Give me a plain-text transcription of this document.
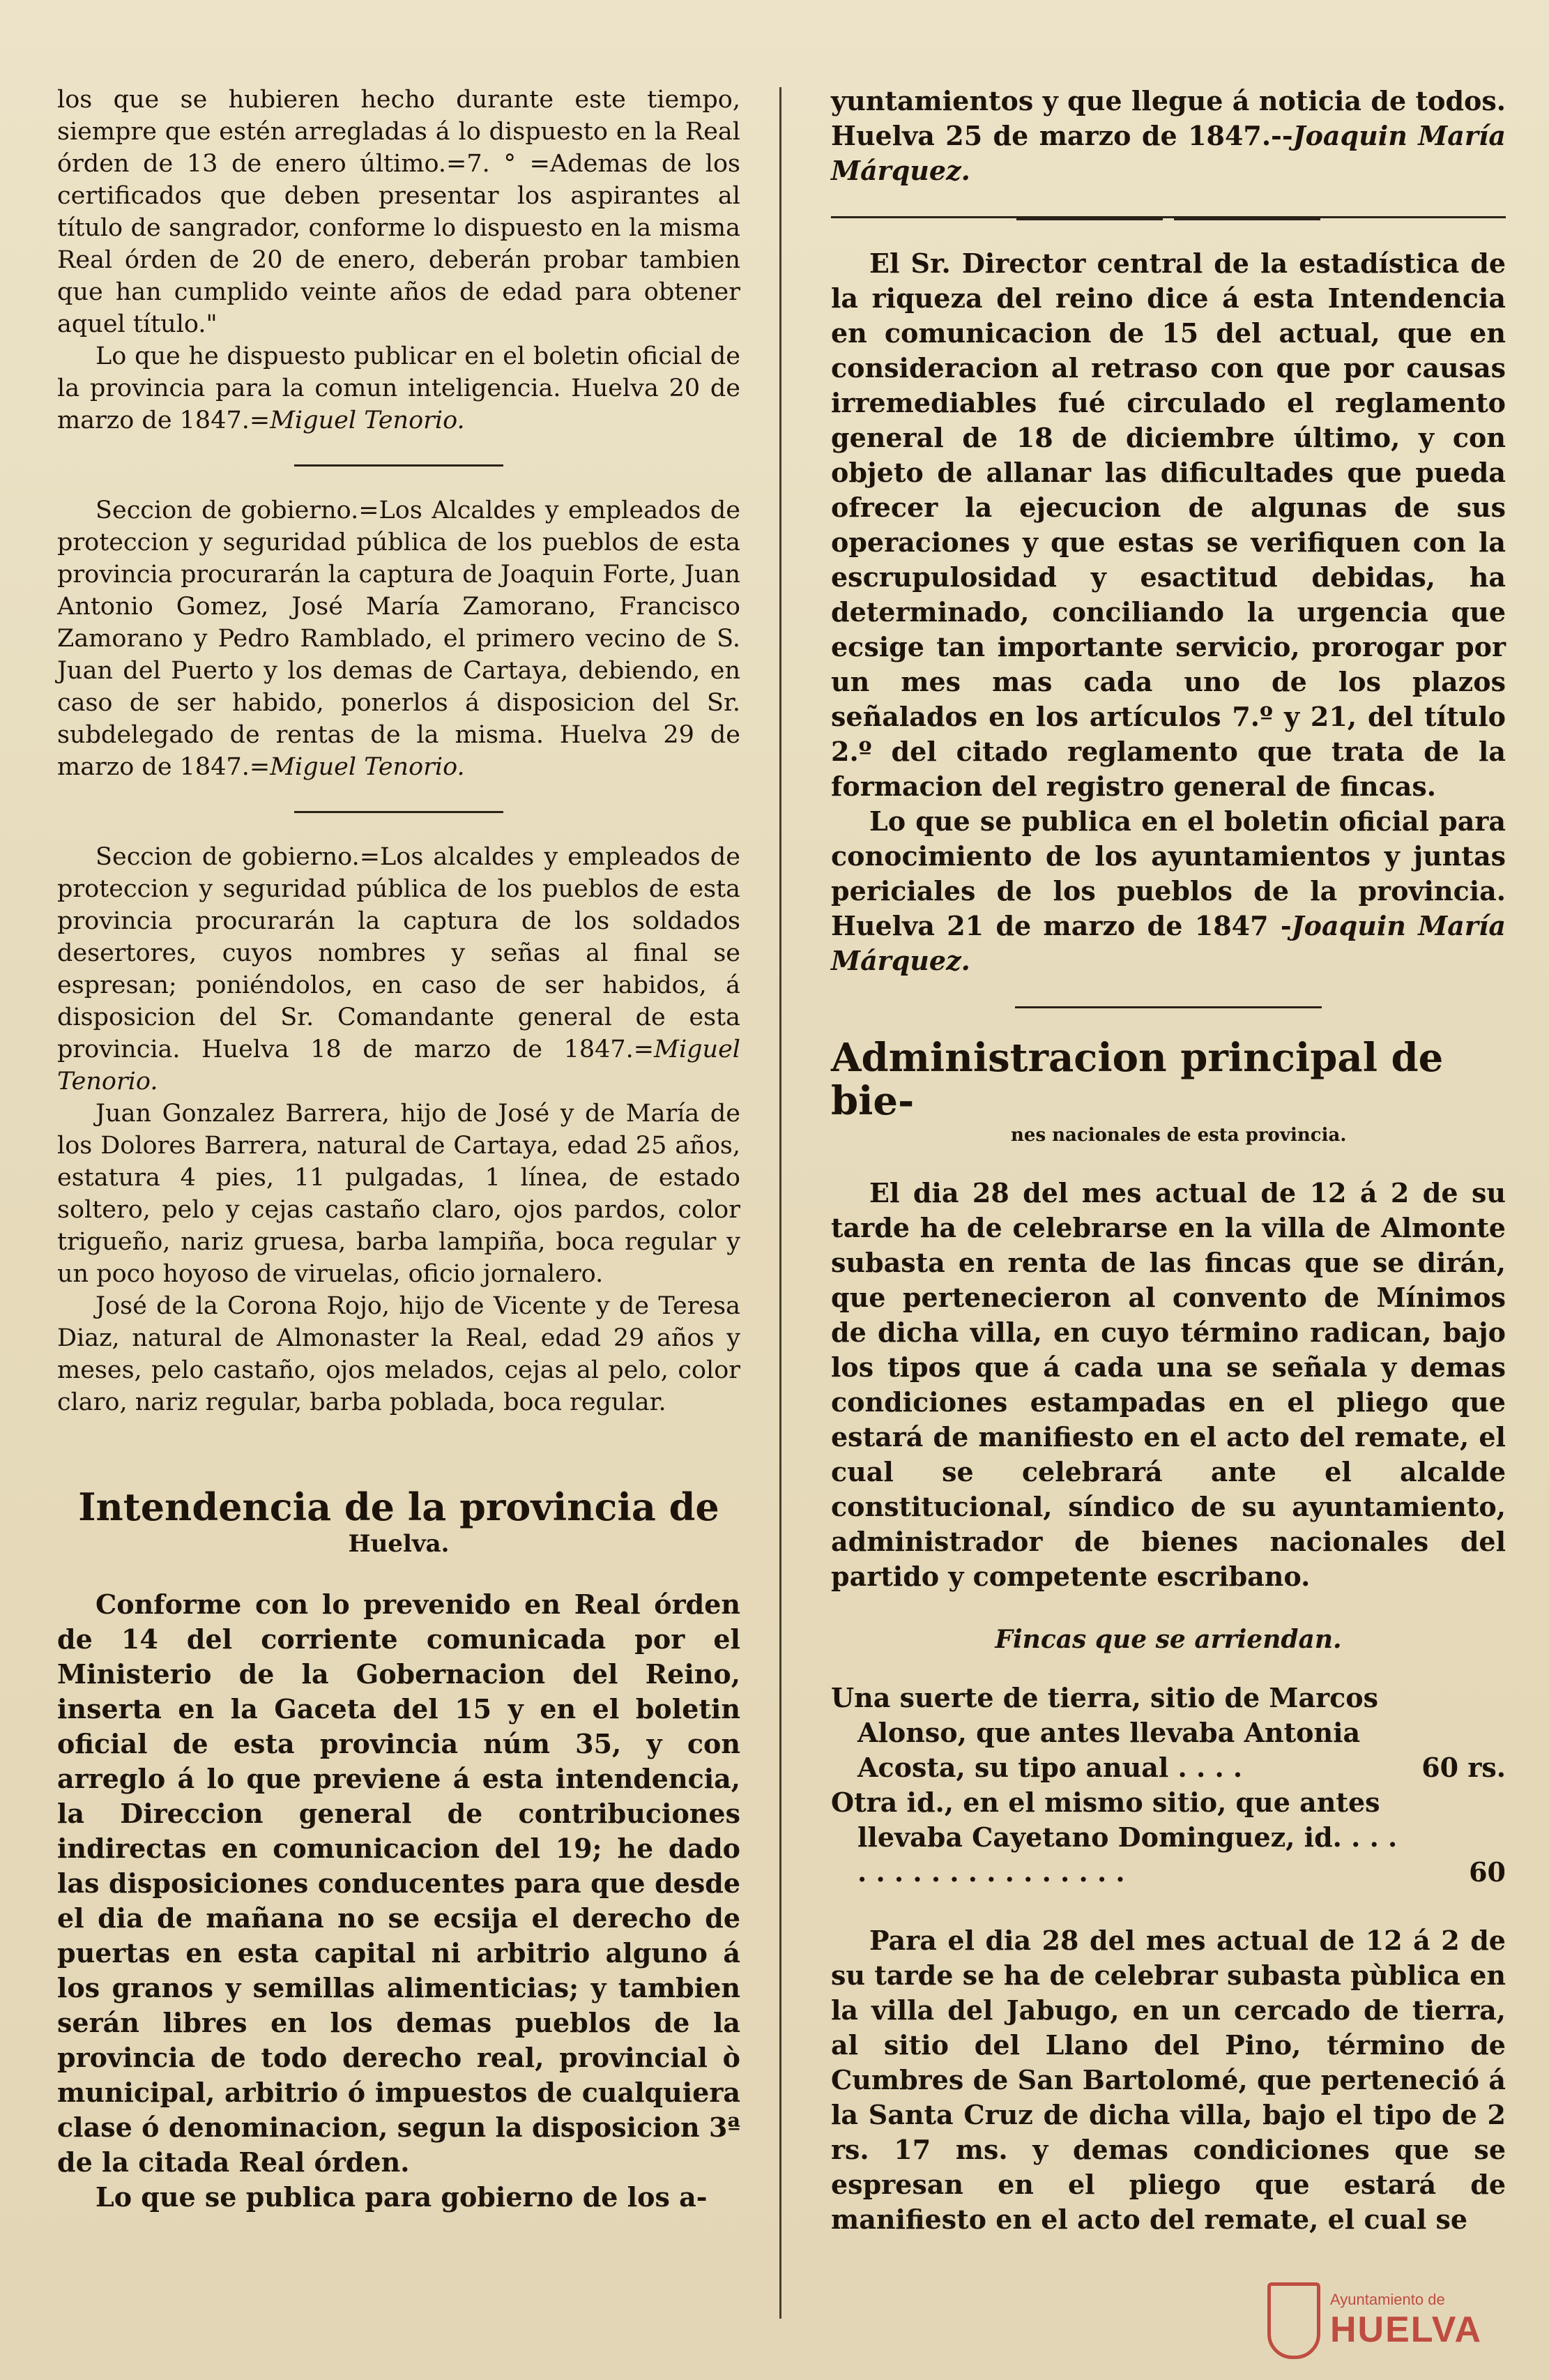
los que se hubieren hecho durante este tiempo, siempre que estén arregladas á lo dispuesto en la Real órden de 13 de enero último.=7. ° =Ademas de los certificados que deben presentar los aspirantes al título de sangrador, conforme lo dispuesto en la misma Real órden de 20 de enero, deberán probar tambien que han cumplido veinte años de edad para obtener aquel título."

Lo que he dispuesto publicar en el boletin oficial de la provincia para la comun inteligencia. Huelva 20 de marzo de 1847.=Miguel Tenorio.

Seccion de gobierno.=Los Alcaldes y empleados de proteccion y seguridad pública de los pueblos de esta provincia procurarán la captura de Joaquin Forte, Juan Antonio Gomez, José María Zamorano, Francisco Zamorano y Pedro Ramblado, el primero vecino de S. Juan del Puerto y los demas de Cartaya, debiendo, en caso de ser habido, ponerlos á disposicion del Sr. subdelegado de rentas de la misma. Huelva 29 de marzo de 1847.=Miguel Tenorio.

Seccion de gobierno.=Los alcaldes y empleados de proteccion y seguridad pública de los pueblos de esta provincia procurarán la captura de los soldados desertores, cuyos nombres y señas al final se espresan; poniéndolos, en caso de ser habidos, á disposicion del Sr. Comandante general de esta provincia. Huelva 18 de marzo de 1847.=Miguel Tenorio.

Juan Gonzalez Barrera, hijo de José y de María de los Dolores Barrera, natural de Cartaya, edad 25 años, estatura 4 pies, 11 pulgadas, 1 línea, de estado soltero, pelo y cejas castaño claro, ojos pardos, color trigueño, nariz gruesa, barba lampiña, boca regular y un poco hoyoso de viruelas, oficio jornalero.

José de la Corona Rojo, hijo de Vicente y de Teresa Diaz, natural de Almonaster la Real, edad 29 años y meses, pelo castaño, ojos melados, cejas al pelo, color claro, nariz regular, barba poblada, boca regular.

Intendencia de la provincia de
Huelva.

Conforme con lo prevenido en Real órden de 14 del corriente comunicada por el Ministerio de la Gobernacion del Reino, inserta en la Gaceta del 15 y en el boletin oficial de esta provincia núm 35, y con arreglo á lo que previene á esta intendencia, la Direccion general de contribuciones indirectas en comunicacion del 19; he dado las disposiciones conducentes para que desde el dia de mañana no se ecsija el derecho de puertas en esta capital ni arbitrio alguno á los granos y semillas alimenticias; y tambien serán libres en los demas pueblos de la provincia de todo derecho real, provincial ò municipal, arbitrio ó impuestos de cualquiera clase ó denominacion, segun la disposicion 3ª de la citada Real órden.

Lo que se publica para gobierno de los a-

yuntamientos y que llegue á noticia de todos. Huelva 25 de marzo de 1847.--Joaquin María Márquez.

El Sr. Director central de la estadística de la riqueza del reino dice á esta Intendencia en comunicacion de 15 del actual, que en consideracion al retraso con que por causas irremediables fué circulado el reglamento general de 18 de diciembre último, y con objeto de allanar las dificultades que pueda ofrecer la ejecucion de algunas de sus operaciones y que estas se verifiquen con la escrupulosidad y esactitud debidas, ha determinado, conciliando la urgencia que ecsige tan importante servicio, prorogar por un mes mas cada uno de los plazos señalados en los artículos 7.º y 21, del título 2.º del citado reglamento que trata de la formacion del registro general de fincas.

Lo que se publica en el boletin oficial para conocimiento de los ayuntamientos y juntas periciales de los pueblos de la provincia. Huelva 21 de marzo de 1847 -Joaquin María Márquez.

Administracion principal de bie-
nes nacionales de esta provincia.

El dia 28 del mes actual de 12 á 2 de su tarde ha de celebrarse en la villa de Almonte subasta en renta de las fincas que se dirán, que pertenecieron al convento de Mínimos de dicha villa, en cuyo término radican, bajo los tipos que á cada una se señala y demas condiciones estampadas en el pliego que estará de manifiesto en el acto del remate, el cual se celebrará ante el alcalde constitucional, síndico de su ayuntamiento, administrador de bienes nacionales del partido y competente escribano.

Fincas que se arriendan.
Una suerte de tierra, sitio de Marcos Alonso, que antes llevaba Antonia Acosta, su tipo anual . . . .	60 rs.
Otra id., en el mismo sitio, que antes llevaba Cayetano Dominguez, id. . . . . . . . . . . . . . . . . . .	60

Para el dia 28 del mes actual de 12 á 2 de su tarde se ha de celebrar subasta pùblica en la villa del Jabugo, en un cercado de tierra, al sitio del Llano del Pino, término de Cumbres de San Bartolomé, que perteneció á la Santa Cruz de dicha villa, bajo el tipo de 2 rs. 17 ms. y demas condiciones que se espresan en el pliego que estará de manifiesto en el acto del remate, el cual se

Ayuntamiento de
HUELVA
